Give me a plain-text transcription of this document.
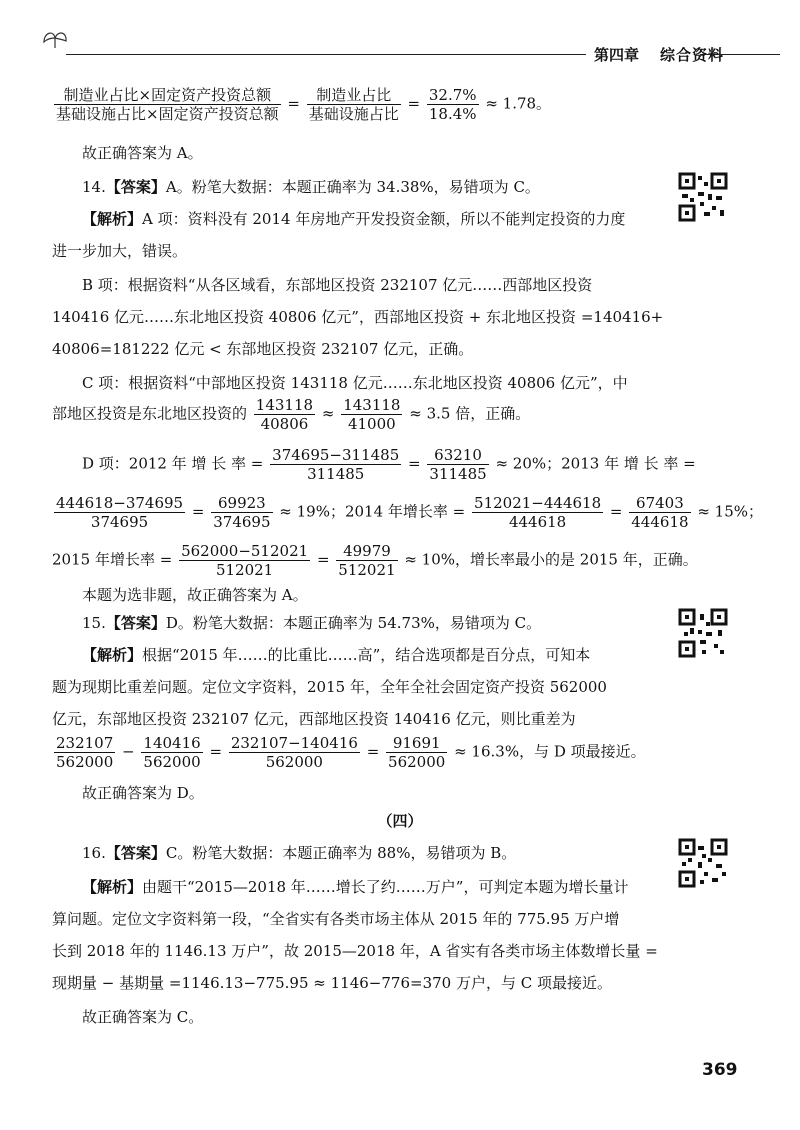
第四章 综合资料
$\frac{\text{制造业占比×固定资产投资总额}}{\text{基础设施占比×固定资产投资总额}} = \frac{\text{制造业占比}}{\text{基础设施占比}} = \frac{32.7\%}{18.4\%} \approx 1.78$。
故正确答案为 A。
14.【答案】A。粉笔大数据：本题正确率为 34.38%，易错项为 C。
【解析】A 项：资料没有 2014 年房地产开发投资金额，所以不能判定投资的力度
进一步加大，错误。
B 项：根据资料“从各区域看，东部地区投资 232107 亿元……西部地区投资
140416 亿元……东北地区投资 40806 亿元”，西部地区投资 + 东北地区投资 =140416+
40806=181222 亿元 < 东部地区投资 232107 亿元，正确。
C 项：根据资料“中部地区投资 143118 亿元……东北地区投资 40806 亿元”，中
部地区投资是东北地区投资的 $\frac{143118}{40806} \approx \frac{143118}{41000} \approx 3.5$ 倍，正确。
D 项：2012 年 增 长 率 = $\frac{374695-311485}{311485} = \frac{63210}{311485} \approx 20\%$；2013 年 增 长 率 =
$\frac{444618-374695}{374695} = \frac{69923}{374695} \approx 19\%$；2014 年增长率 = $\frac{512021-444618}{444618} = \frac{67403}{444618} \approx 15\%$；
2015 年增长率 = $\frac{562000-512021}{512021} = \frac{49979}{512021} \approx 10\%$，增长率最小的是 2015 年，正确。
本题为选非题，故正确答案为 A。
15.【答案】D。粉笔大数据：本题正确率为 54.73%，易错项为 C。
【解析】根据“2015 年……的比重比……高”，结合选项都是百分点，可知本
题为现期比重差问题。定位文字资料，2015 年，全年全社会固定资产投资 562000
亿元，东部地区投资 232107 亿元，西部地区投资 140416 亿元，则比重差为
$\frac{232107}{562000} - \frac{140416}{562000} = \frac{232107-140416}{562000} = \frac{91691}{562000} \approx 16.3\%$，与 D 项最接近。
故正确答案为 D。
（四）
16.【答案】C。粉笔大数据：本题正确率为 88%，易错项为 B。
【解析】由题干“2015—2018 年……增长了约……万户”，可判定本题为增长量计
算问题。定位文字资料第一段，“全省实有各类市场主体从 2015 年的 775.95 万户增
长到 2018 年的 1146.13 万户”，故 2015—2018 年，A 省实有各类市场主体数增长量 =
现期量 − 基期量 =1146.13−775.95 ≈ 1146−776=370 万户，与 C 项最接近。
故正确答案为 C。
369
